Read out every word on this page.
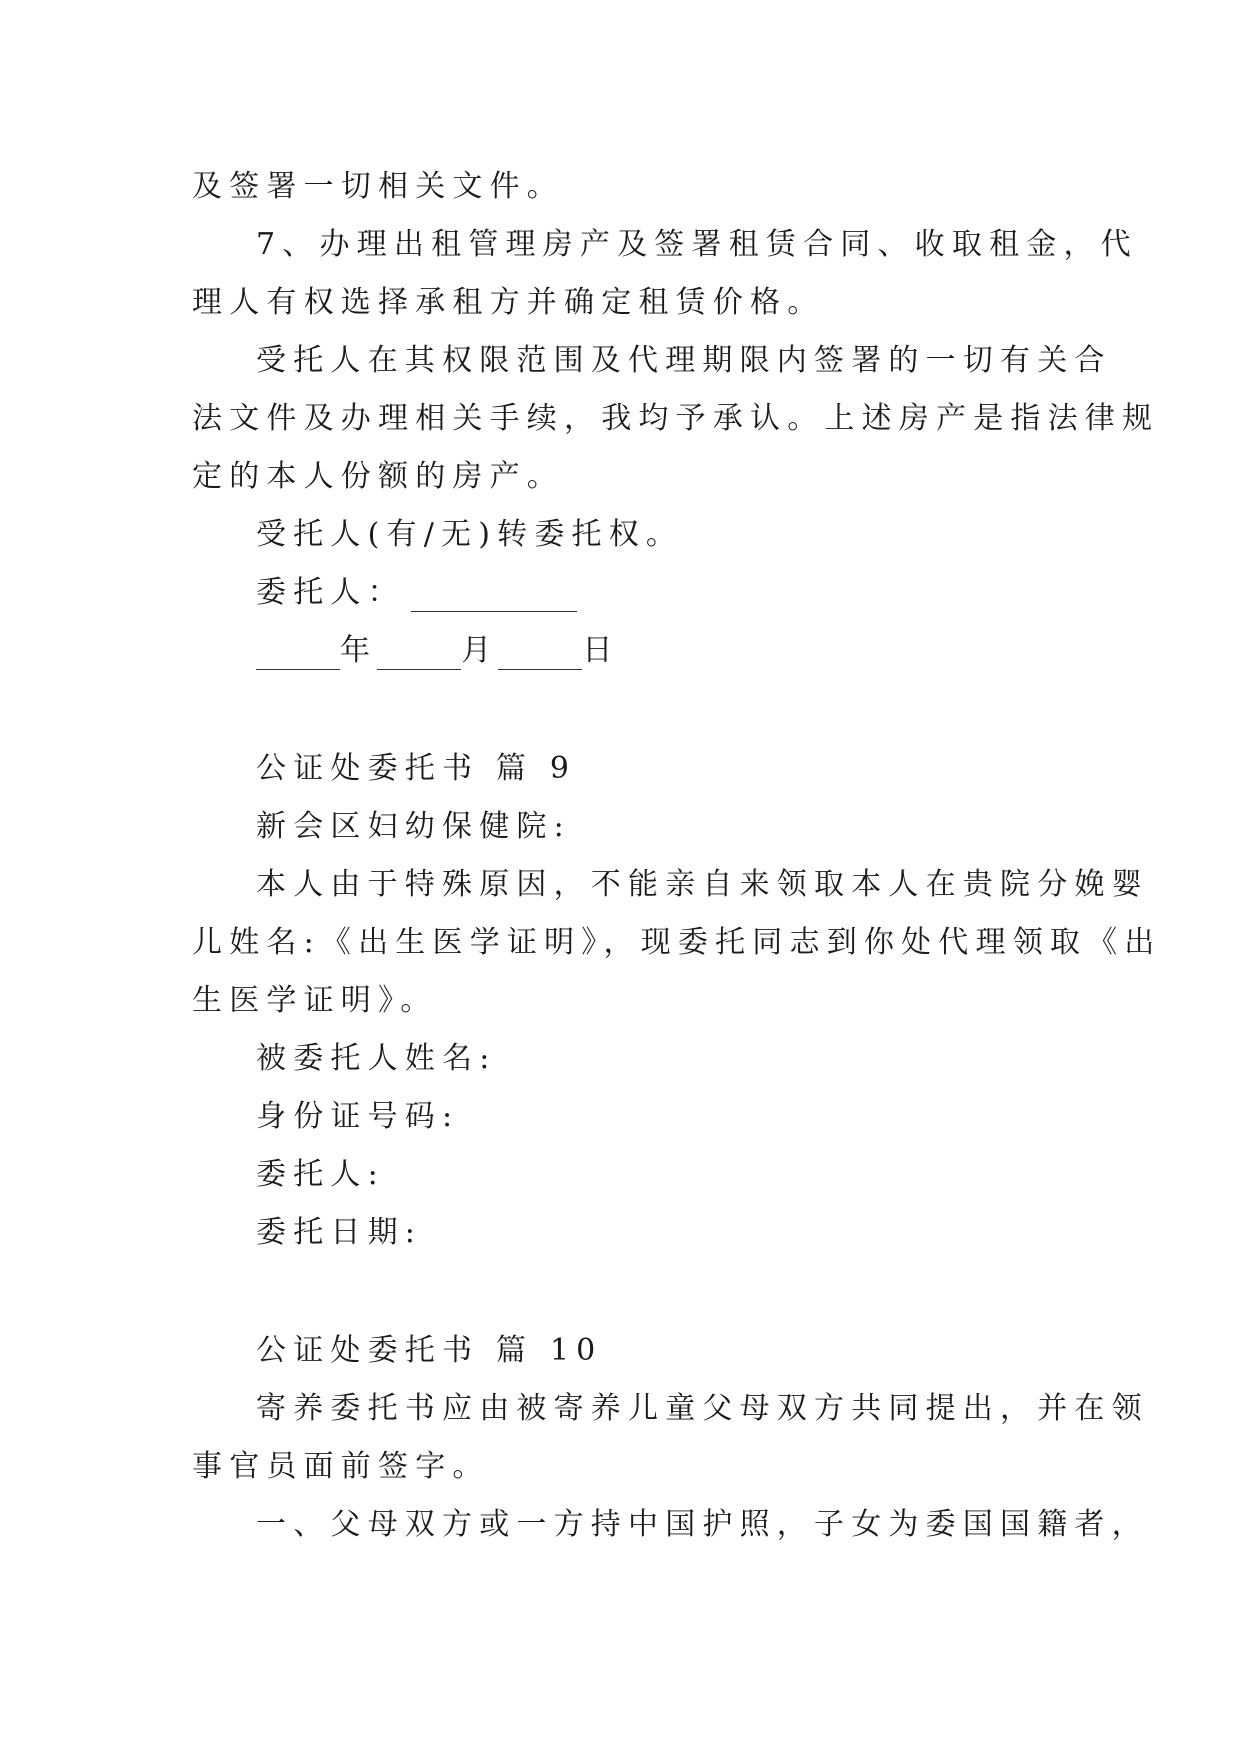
及签署一切相关文件。
7、办理出租管理房产及签署租赁合同、收取租金，代
理人有权选择承租方并确定租赁价格。
受托人在其权限范围及代理期限内签署的一切有关合
法文件及办理相关手续，我均予承认。上述房产是指法律规
定的本人份额的房产。
受托人(有/无)转委托权。
委托人：
年	月	日
公证处委托书 篇 9
新会区妇幼保健院:
本人由于特殊原因，不能亲自来领取本人在贵院分娩婴
儿姓名:《出生医学证明》，现委托同志到你处代理领取《出
生医学证明》。
被委托人姓名:
身份证号码:
委托人:
委托日期:
公证处委托书 篇 10
寄养委托书应由被寄养儿童父母双方共同提出，并在领
事官员面前签字。
一、父母双方或一方持中国护照，子女为委国国籍者，
